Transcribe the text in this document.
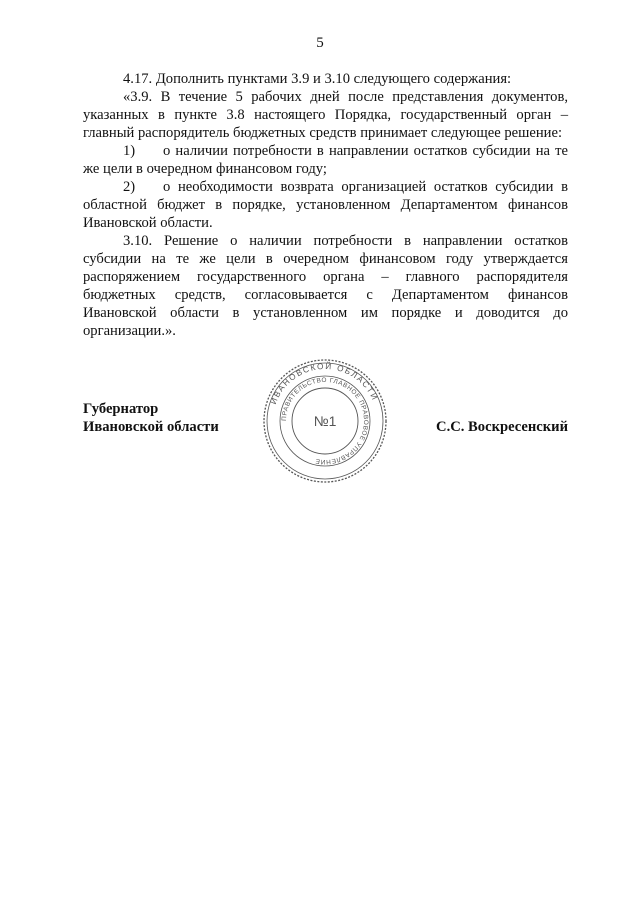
5

4.17. Дополнить пунктами 3.9 и 3.10 следующего содержания:

«3.9. В течение 5 рабочих дней после представления документов, указанных в пункте 3.8 настоящего Порядка, государственный орган – главный распорядитель бюджетных средств принимает следующее решение:

1) о наличии потребности в направлении остатков субсидии на те же цели в очередном финансовом году;

2) о необходимости возврата организацией остатков субсидии в областной бюджет в порядке, установленном Департаментом финансов Ивановской области.

3.10. Решение о наличии потребности в направлении остатков субсидии на те же цели в очередном финансовом году утверждается распоряжением государственного органа – главного распорядителя бюджетных средств, согласовывается с Департаментом финансов Ивановской области в установленном им порядке и доводится до организации.».

Губернатор
Ивановской области	С.С. Воскресенский
ИВАНОВСКОЙ ОБЛАСТИ
ПРАВИТЕЛЬСТВО ГЛАВНОЕ ПРАВОВОЕ УПРАВЛЕНИЕ
№1
